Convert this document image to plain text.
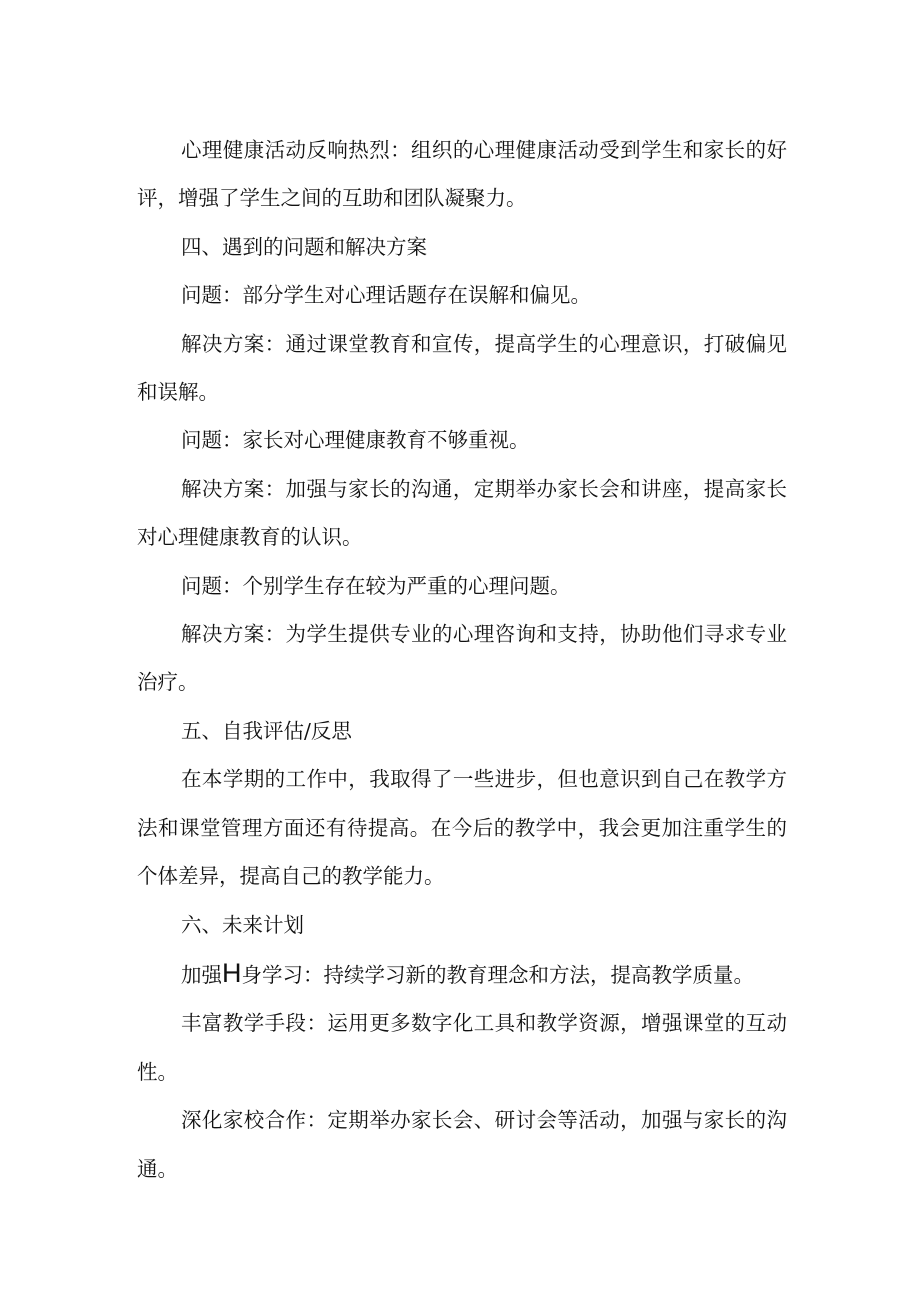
心理健康活动反响热烈：组织的心理健康活动受到学生和家长的好评，增强了学生之间的互助和团队凝聚力。

四、遇到的问题和解决方案

问题：部分学生对心理话题存在误解和偏见。

解决方案：通过课堂教育和宣传，提高学生的心理意识，打破偏见和误解。

问题：家长对心理健康教育不够重视。

解决方案：加强与家长的沟通，定期举办家长会和讲座，提高家长对心理健康教育的认识。

问题：个别学生存在较为严重的心理问题。

解决方案：为学生提供专业的心理咨询和支持，协助他们寻求专业治疗。

五、自我评估/反思

在本学期的工作中，我取得了一些进步，但也意识到自己在教学方法和课堂管理方面还有待提高。在今后的教学中，我会更加注重学生的个体差异，提高自己的教学能力。

六、未来计划

加强H身学习：持续学习新的教育理念和方法，提高教学质量。

丰富教学手段：运用更多数字化工具和教学资源，增强课堂的互动性。

深化家校合作：定期举办家长会、研讨会等活动，加强与家长的沟通。
